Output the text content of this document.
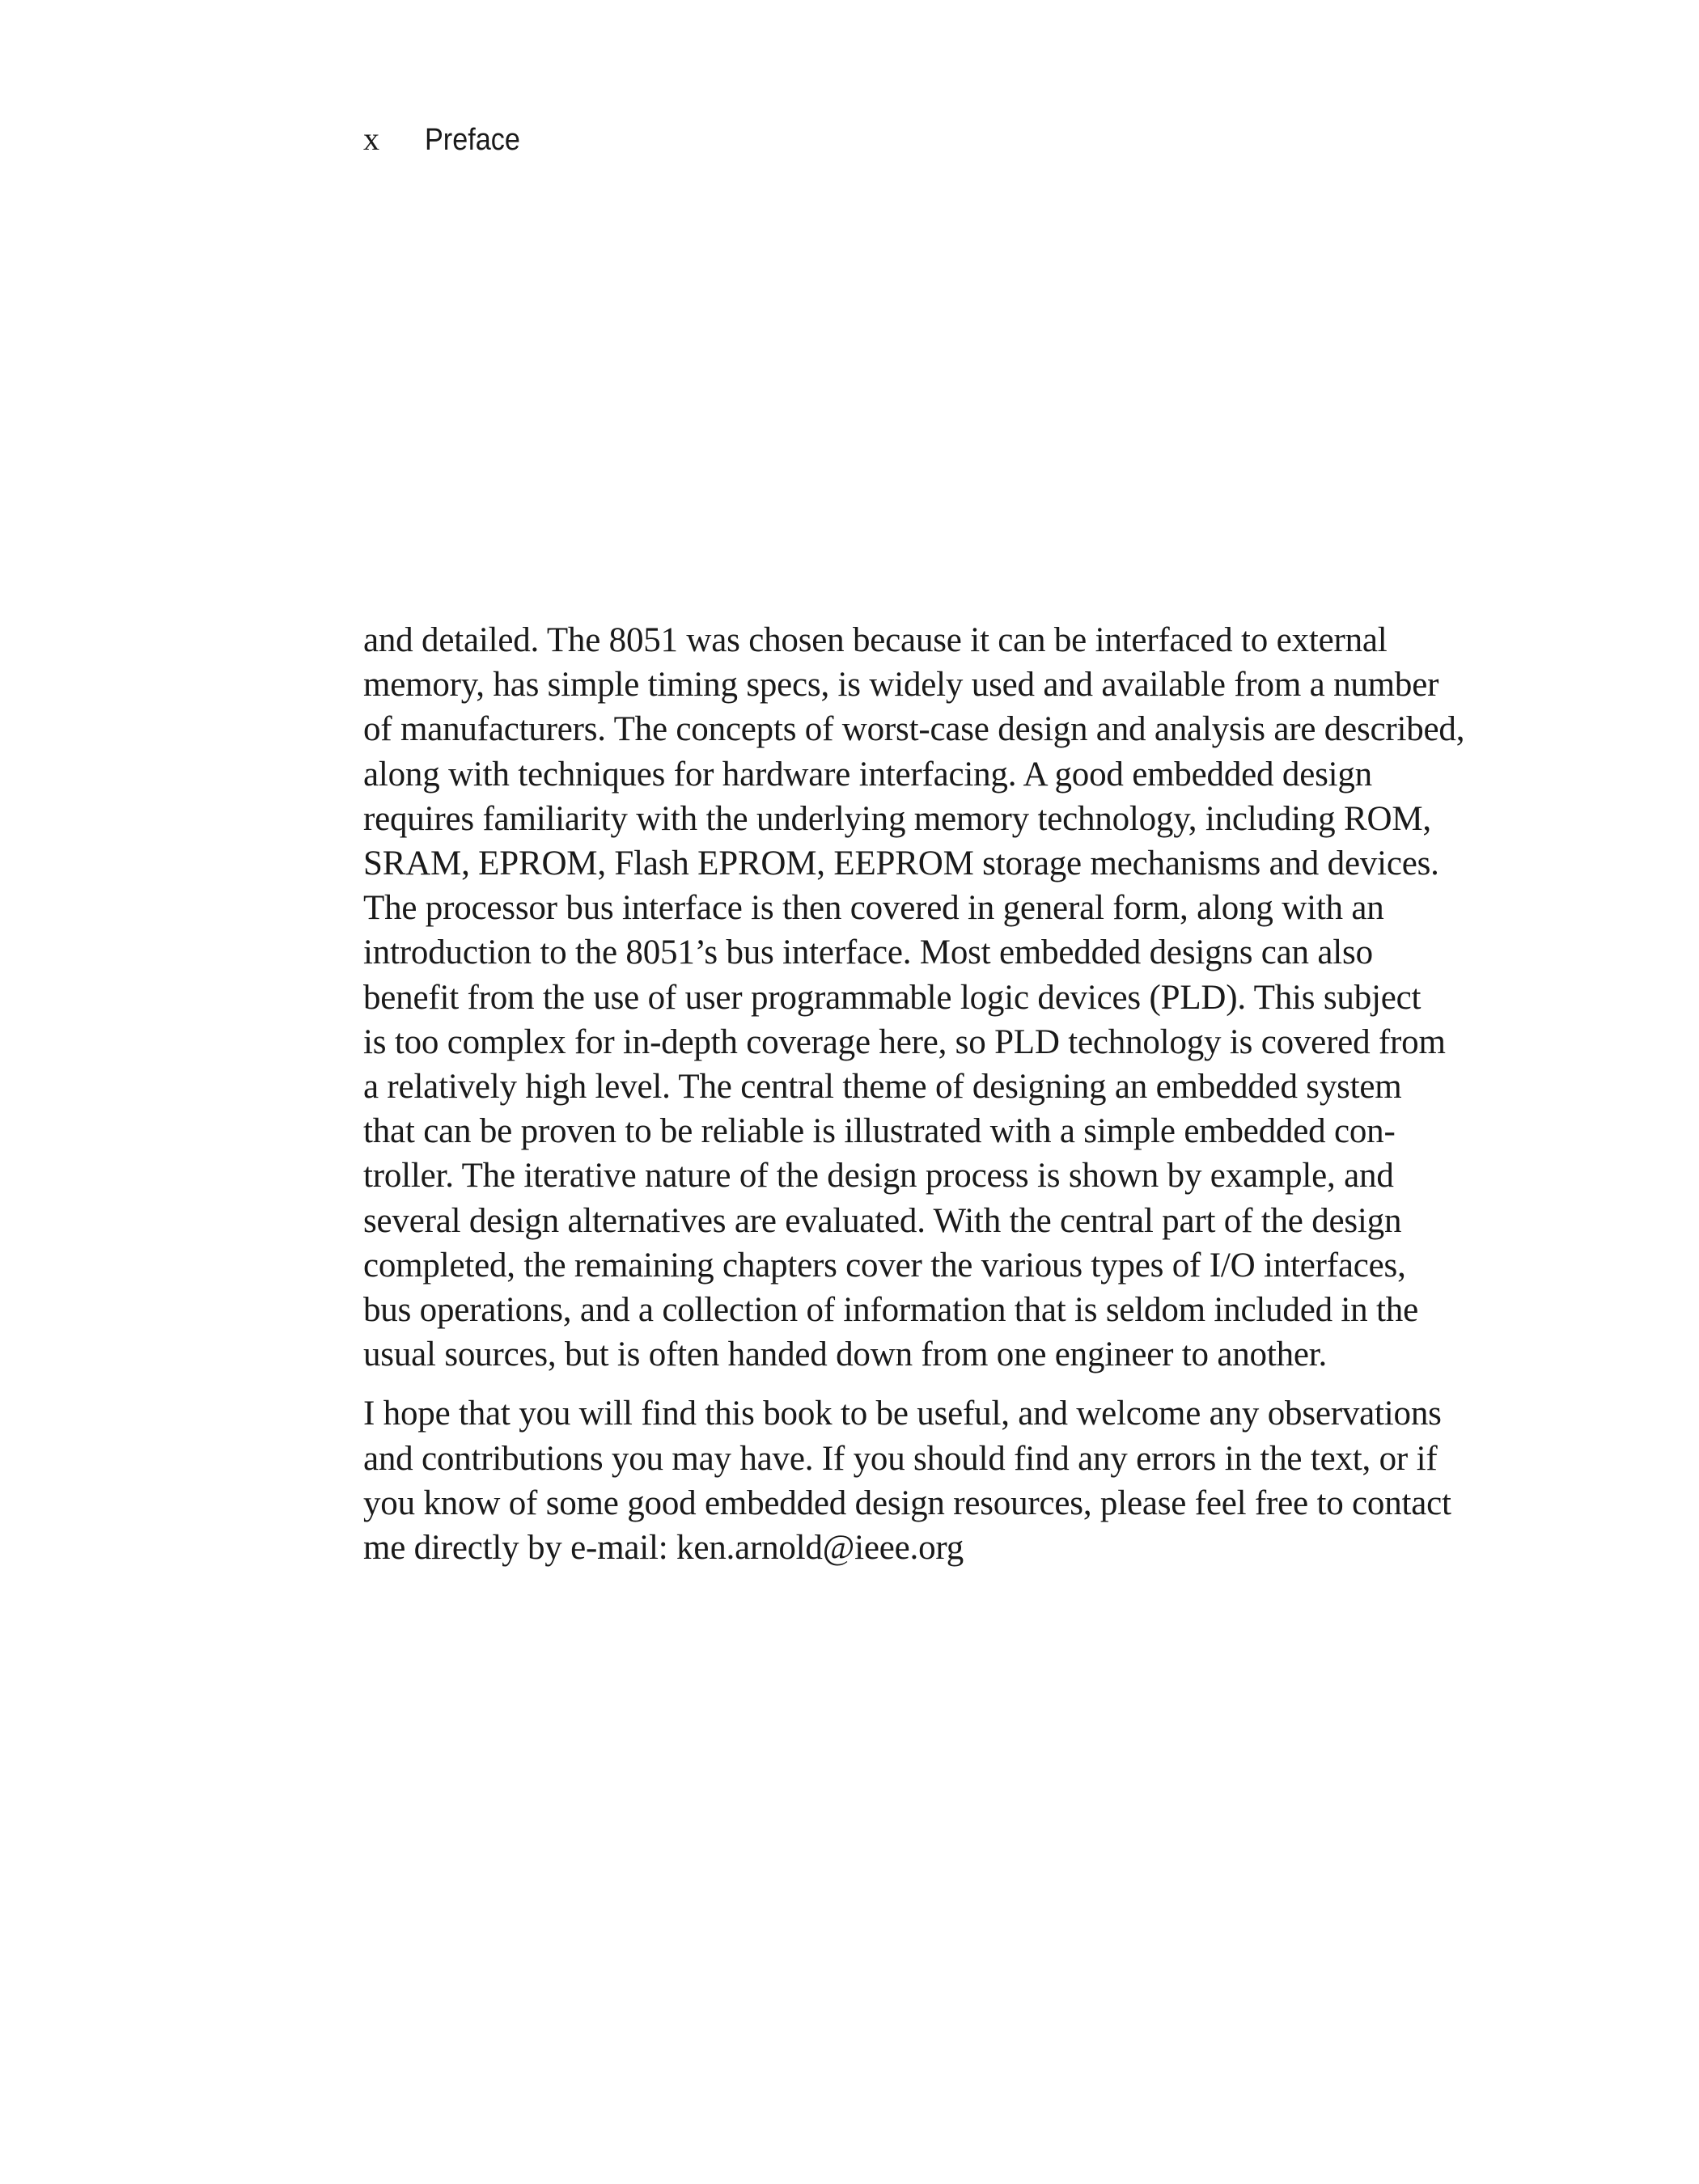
x	Preface

and detailed. The 8051 was chosen because it can be interfaced to external
memory, has simple timing specs, is widely used and available from a number
of manufacturers. The concepts of worst-case design and analysis are described,
along with techniques for hardware interfacing. A good embedded design
requires familiarity with the underlying memory technology, including ROM,
SRAM, EPROM, Flash EPROM, EEPROM storage mechanisms and devices.
The processor bus interface is then covered in general form, along with an
introduction to the 8051’s bus interface. Most embedded designs can also
benefit from the use of user programmable logic devices (PLD). This subject
is too complex for in-depth coverage here, so PLD technology is covered from
a relatively high level. The central theme of designing an embedded system
that can be proven to be reliable is illustrated with a simple embedded con-
troller. The iterative nature of the design process is shown by example, and
several design alternatives are evaluated. With the central part of the design
completed, the remaining chapters cover the various types of I/O interfaces,
bus operations, and a collection of information that is seldom included in the
usual sources, but is often handed down from one engineer to another.

I hope that you will find this book to be useful, and welcome any observations
and contributions you may have. If you should find any errors in the text, or if
you know of some good embedded design resources, please feel free to contact
me directly by e-mail: ken.arnold@ieee.org
